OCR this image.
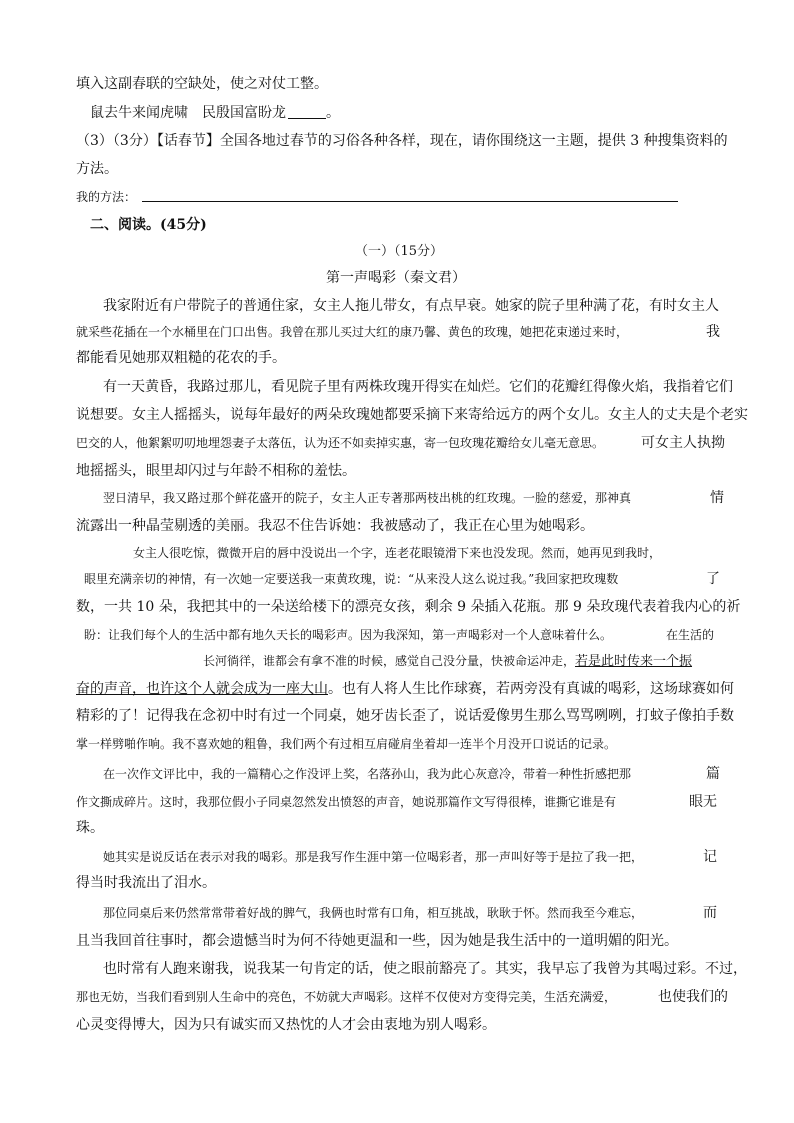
填入这副春联的空缺处，使之对仗工整。
鼠去牛来闻虎啸　民殷国富盼龙	。
（3）（3分）【话春节】全国各地过春节的习俗各种各样，现在，请你围绕这一主题，提供 3 种搜集资料的
方法。
我的方法：
二、阅读。(45分)
（一）（15分）
第一声喝彩（秦文君）
我家附近有户带院子的普通住家，女主人拖儿带女，有点早衰。她家的院子里种满了花，有时女主人
就采些花插在一个水桶里在门口出售。我曾在那儿买过大红的康乃馨、黄色的玫瑰，她把花束递过来时，	我
都能看见她那双粗糙的花农的手。
有一天黄昏，我路过那儿，看见院子里有两株玫瑰开得实在灿烂。它们的花瓣红得像火焰，我指着它们
说想要。女主人摇摇头，说每年最好的两朵玫瑰她都要采摘下来寄给远方的两个女儿。女主人的丈夫是个老实
巴交的人，他絮絮叨叨地埋怨妻子太落伍，认为还不如卖掉实惠，寄一包玫瑰花瓣给女儿毫无意思。	可女主人执拗
地摇摇头，眼里却闪过与年龄不相称的羞怯。
翌日清早，我又路过那个鲜花盛开的院子，女主人正专著那两枝出桃的红玫瑰。一脸的慈爱，那神真	情
流露出一种晶莹剔透的美丽。我忍不住告诉她：我被感动了，我正在心里为她喝彩。
女主人很吃惊，微微开启的唇中没说出一个字，连老花眼镜滑下来也没发现。然而，她再见到我时，
眼里充满亲切的神情，有一次她一定要送我一束黄玫瑰，说：“从来没人这么说过我。”我回家把玫瑰数	了
数，一共 10 朵，我把其中的一朵送给楼下的漂亮女孩，剩余 9 朵插入花瓶。那 9 朵玫瑰代表着我内心的祈
盼：让我们每个人的生活中都有地久天长的喝彩声。因为我深知，第一声喝彩对一个人意味着什么。	在生活的
长河徜徉，谁都会有拿不准的时候，感觉自己没分量，快被命运冲走，若是此时传来一个振
奋的声音，也许这个人就会成为一座大山。也有人将人生比作球赛，若两旁没有真诚的喝彩，这场球赛如何
精彩的了！记得我在念初中时有过一个同桌，她牙齿长歪了，说话爱像男生那么骂骂咧咧，打蚊子像拍手数
掌一样劈啪作响。我不喜欢她的粗鲁，我们两个有过相互肩碰肩坐着却一连半个月没开口说话的记录。
在一次作文评比中，我的一篇精心之作没评上奖，名落孙山，我为此心灰意冷，带着一种性折感把那	篇
作文撕成碎片。这时，我那位假小子同桌忽然发出愤怒的声音，她说那篇作文写得很棒，谁撕它谁是有	眼无
珠。
她其实是说反话在表示对我的喝彩。那是我写作生涯中第一位喝彩者，那一声叫好等于是拉了我一把，	记
得当时我流出了泪水。
那位同桌后来仍然常常带着好战的脾气，我俩也时常有口角，相互挑战，耿耿于怀。然而我至今难忘，	而
且当我回首往事时，都会遗憾当时为何不待她更温和一些，因为她是我生活中的一道明媚的阳光。
也时常有人跑来谢我，说我某一句肯定的话，使之眼前豁亮了。其实，我早忘了我曾为其喝过彩。不过，
那也无妨，当我们看到别人生命中的亮色，不妨就大声喝彩。这样不仅使对方变得完美，生活充满爱，	也使我们的
心灵变得博大，因为只有诚实而又热忱的人才会由衷地为别人喝彩。
